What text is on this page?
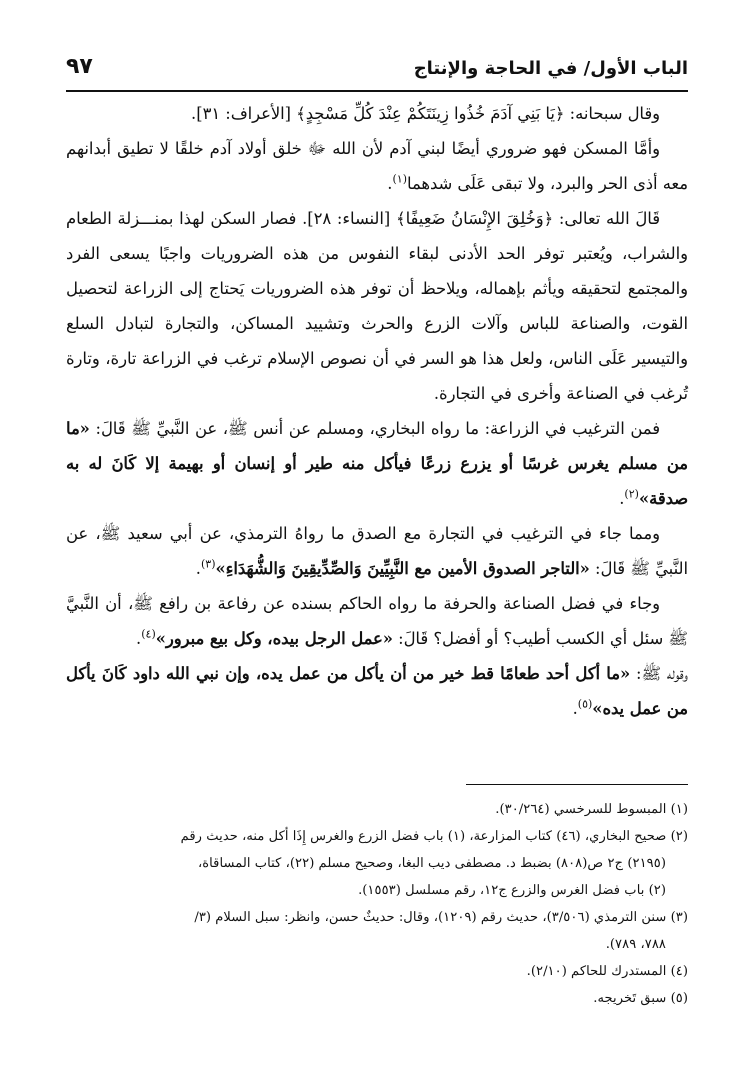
الباب الأول/ في الحاجة والإنتاج
٩٧

وقال سبحانه: ﴿يَا بَنِي آدَمَ خُذُوا زِينَتَكُمْ عِنْدَ كُلِّ مَسْجِدٍ﴾ [الأعراف: ٣١].

وأمَّا المسكن فهو ضروري أيضًا لبني آدم لأن الله ﷻ خلق أولاد آدم خلقًا لا تطيق أبدانهم معه أذى الحر والبرد، ولا تبقى عَلَى شدهما$^{(١)}$.

قَالَ الله تعالى: ﴿وَخُلِقَ الإِنْسَانُ ضَعِيفًا﴾ [النساء: ٢٨]. فصار السكن لهذا بمنـــزلة الطعام والشراب، ويُعتبر توفر الحد الأدنى لبقاء النفوس من هذه الضروريات واجبًا يسعى الفرد والمجتمع لتحقيقه ويأثم بإهماله، ويلاحظ أن توفر هذه الضروريات يَحتاج إلى الزراعة لتحصيل القوت، والصناعة للباس وآلات الزرع والحرث وتشييد المساكن، والتجارة لتبادل السلع والتيسير عَلَى الناس، ولعل هذا هو السر في أن نصوص الإسلام ترغب في الزراعة تارة، وتارة تُرغب في الصناعة وأخرى في التجارة.

فمن الترغيب في الزراعة: ما رواه البخاري، ومسلم عن أنس ﷺ، عن النَّبيِّ ﷺ قَالَ: «ما من مسلم يغرس غرسًا أو يزرع زرعًا فيأكل منه طير أو إنسان أو بهيمة إلا كَانَ له به صدقة»$^{(٢)}$.

ومما جاء في الترغيب في التجارة مع الصدق ما رواهُ الترمذي، عن أبي سعيد ﷺ، عن النَّبيِّ ﷺ قَالَ: «التاجر الصدوق الأمين مع النَّبِيِّينَ وَالصِّدِّيقِينَ وَالشُّهَدَاءِ»$^{(٣)}$.

وجاء في فضل الصناعة والحرفة ما رواه الحاكم بسنده عن رفاعة بن رافع ﷺ، أن النَّبيَّ ﷺ سئل أي الكسب أطيب؟ أو أفضل؟ قَالَ: «عمل الرجل بيده، وكل بيع مبرور»$^{(٤)}$.

وقوله ﷺ: «ما أكل أحد طعامًا قط خير من أن يأكل من عمل يده، وإن نبي الله داود كَانَ يأكل من عمل يده»$^{(٥)}$.

(١) المبسوط للسرخسي (٣٠/٢٦٤).
(٢) صحيح البخاري، (٤٦) كتاب المزارعة، (١) باب فضل الزرع والغرس إِذَا أكل منه، حديث رقم
(٢١٩٥) ج٢ ص(٨٠٨) بضبط د. مصطفى ديب البغا، وصحيح مسلم (٢٢)، كتاب المساقاة،
(٢) باب فضل الغرس والزرع ج١٢، رقم مسلسل (١٥٥٣).
(٣) سنن الترمذي (٣/٥٠٦)، حديث رقم (١٢٠٩)، وقال: حديثٌ حسن، وانظر: سبل السلام (٣/
٧٨٨، ٧٨٩).
(٤) المستدرك للحاكم (٢/١٠).
(٥) سبق تَخريجه.
